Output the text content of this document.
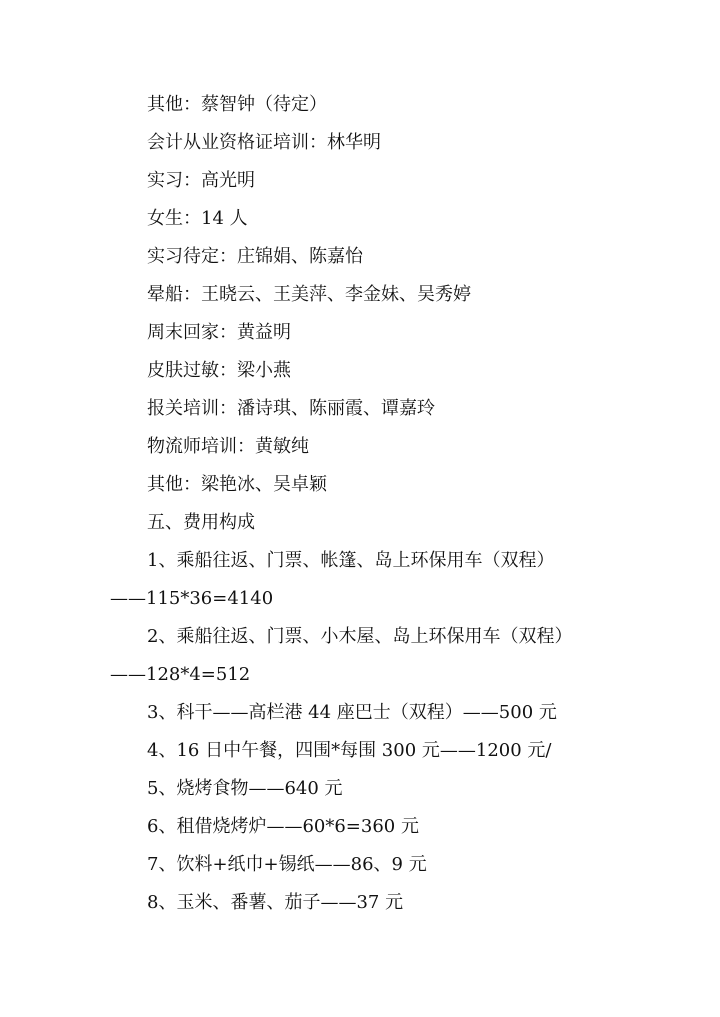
其他：蔡智钟（待定）
会计从业资格证培训：林华明
实习：高光明
女生：14 人
实习待定：庄锦娟、陈嘉怡
晕船：王晓云、王美萍、李金妹、吴秀婷
周末回家：黄益明
皮肤过敏：梁小燕
报关培训：潘诗琪、陈丽霞、谭嘉玲
物流师培训：黄敏纯
其他：梁艳冰、吴卓颖
五、费用构成
1、乘船往返、门票、帐篷、岛上环保用车（双程）
——115*36=4140
2、乘船往返、门票、小木屋、岛上环保用车（双程）
——128*4=512
3、科干——高栏港 44 座巴士（双程）——500 元
4、16 日中午餐，四围*每围 300 元——1200 元/
5、烧烤食物——640 元
6、租借烧烤炉——60*6=360 元
7、饮料+纸巾+锡纸——86、9 元
8、玉米、番薯、茄子——37 元
